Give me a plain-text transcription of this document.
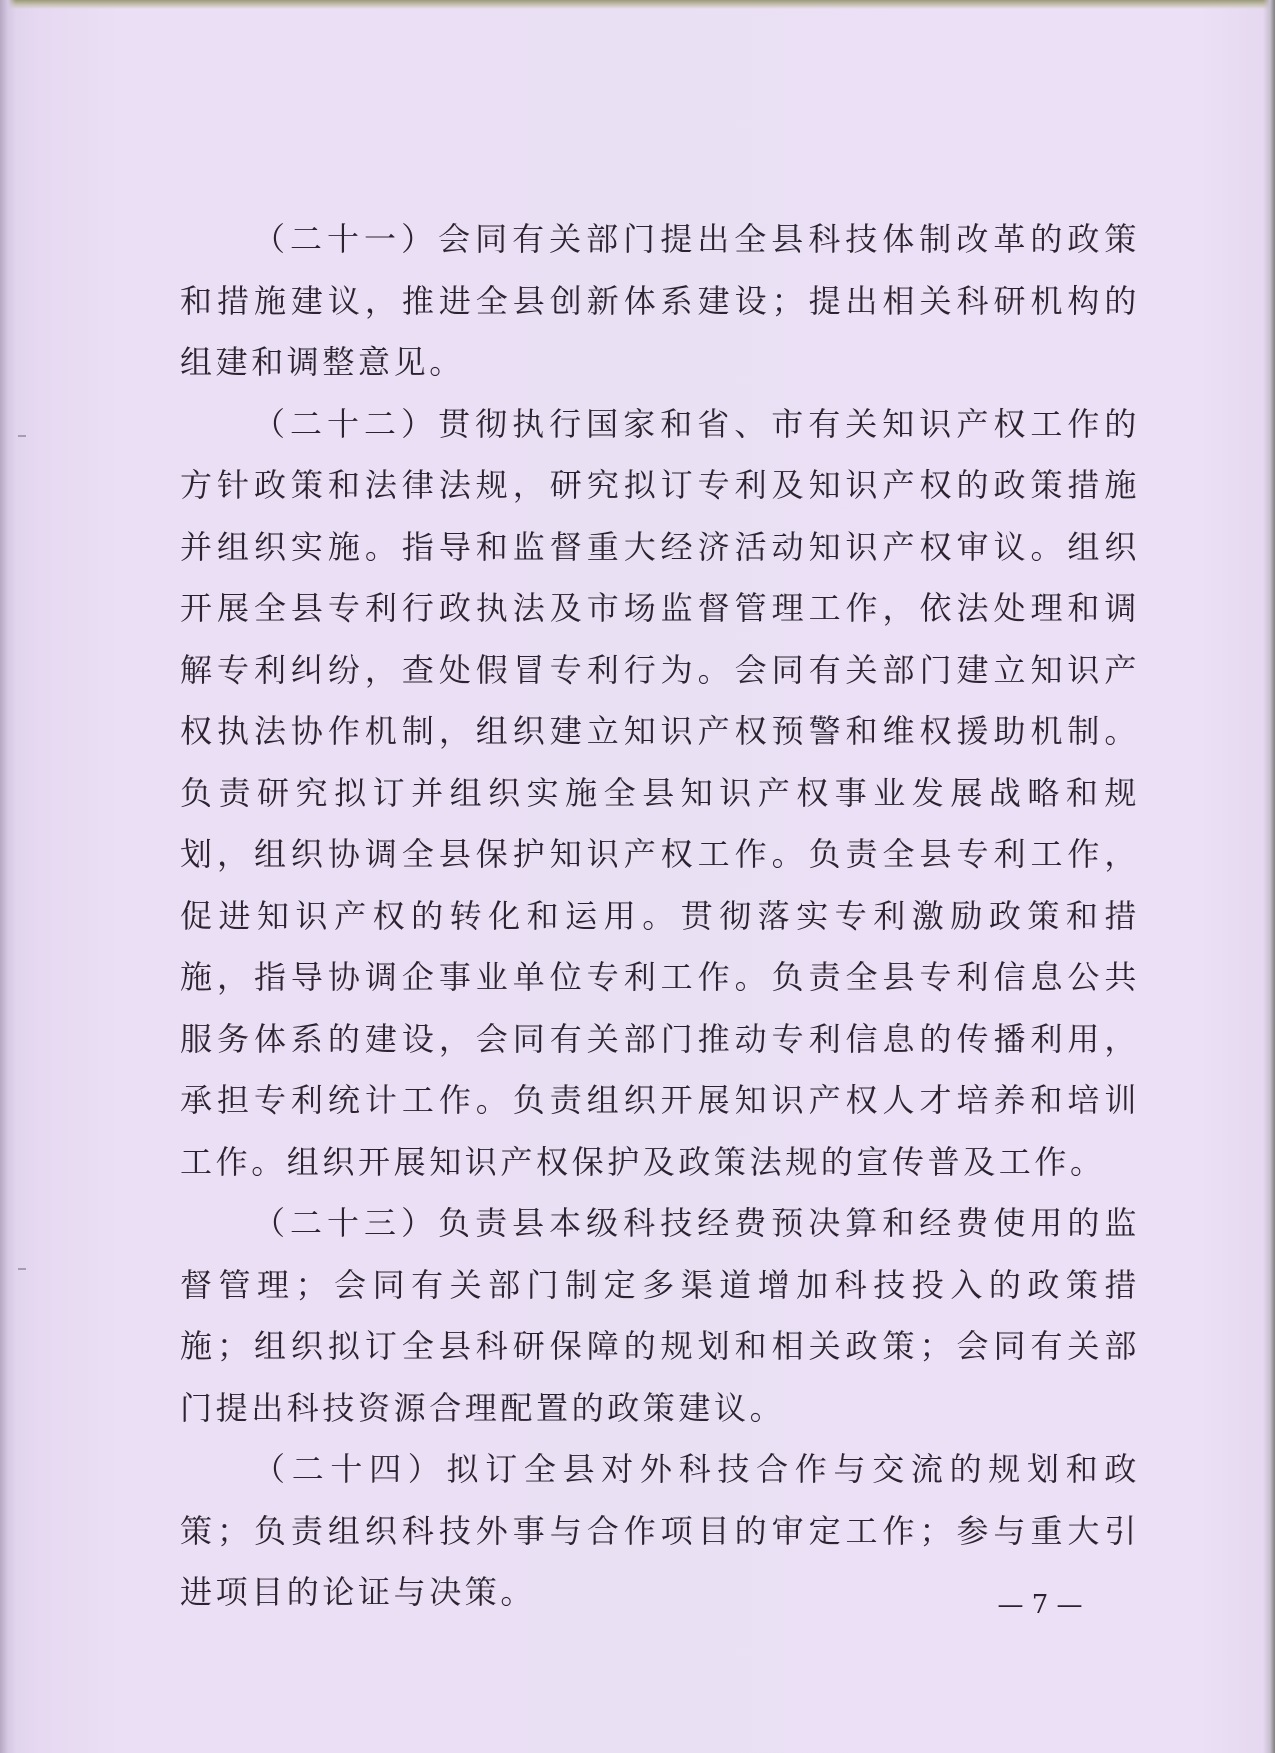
（二十一）会同有关部门提出全县科技体制改革的政策和措施建议，推进全县创新体系建设；提出相关科研机构的组建和调整意见。

（二十二）贯彻执行国家和省、市有关知识产权工作的方针政策和法律法规，研究拟订专利及知识产权的政策措施并组织实施。指导和监督重大经济活动知识产权审议。组织开展全县专利行政执法及市场监督管理工作，依法处理和调解专利纠纷，查处假冒专利行为。会同有关部门建立知识产权执法协作机制，组织建立知识产权预警和维权援助机制。负责研究拟订并组织实施全县知识产权事业发展战略和规划，组织协调全县保护知识产权工作。负责全县专利工作，促进知识产权的转化和运用。贯彻落实专利激励政策和措施，指导协调企事业单位专利工作。负责全县专利信息公共服务体系的建设，会同有关部门推动专利信息的传播利用，承担专利统计工作。负责组织开展知识产权人才培养和培训工作。组织开展知识产权保护及政策法规的宣传普及工作。

（二十三）负责县本级科技经费预决算和经费使用的监督管理；会同有关部门制定多渠道增加科技投入的政策措施；组织拟订全县科研保障的规划和相关政策；会同有关部门提出科技资源合理配置的政策建议。

（二十四）拟订全县对外科技合作与交流的规划和政策；负责组织科技外事与合作项目的审定工作；参与重大引进项目的论证与决策。	— 7 —
